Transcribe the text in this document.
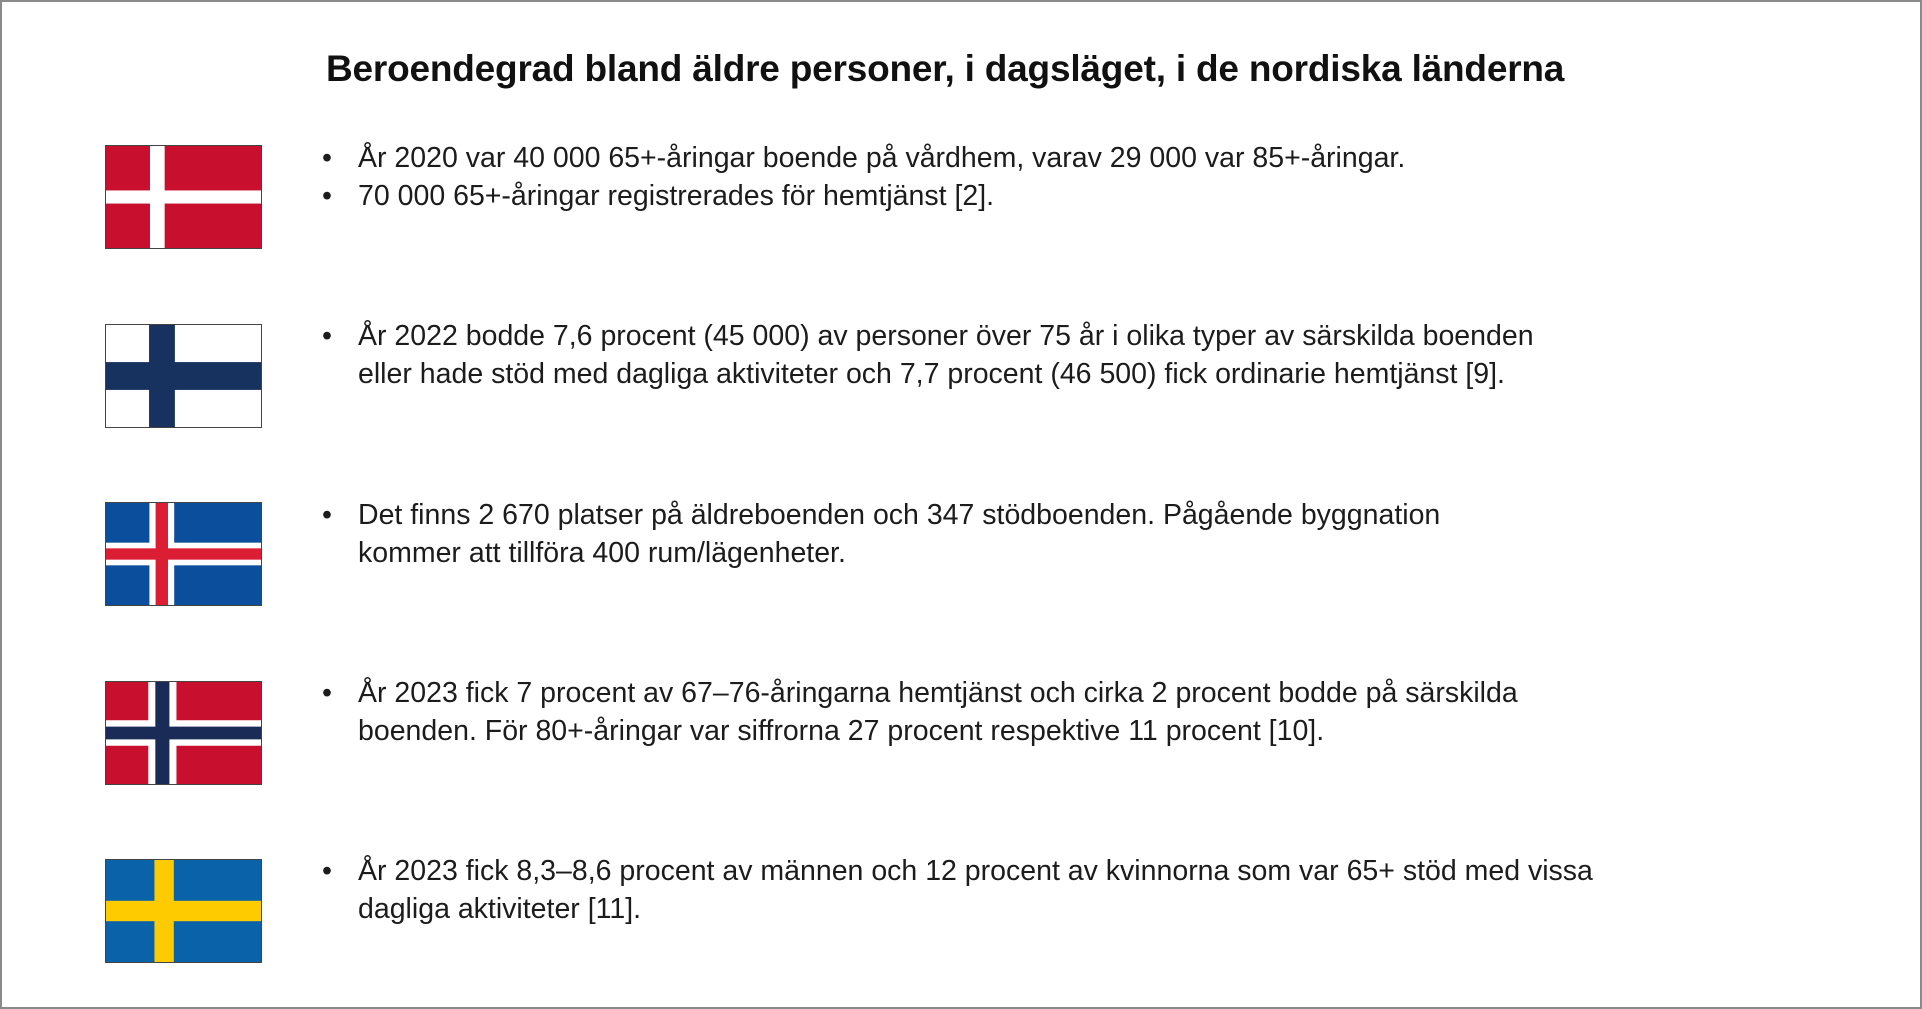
Beroendegrad bland äldre personer, i dagsläget, i de nordiska länderna
• År 2020 var 40 000 65+-åringar boende på vårdhem, varav 29 000 var 85+-åringar.
• 70 000 65+-åringar registrerades för hemtjänst [2].
• År 2022 bodde 7,6 procent (45 000) av personer över 75 år i olika typer av särskilda boenden
eller hade stöd med dagliga aktiviteter och 7,7 procent (46 500) fick ordinarie hemtjänst [9].
• Det finns 2 670 platser på äldreboenden och 347 stödboenden. Pågående byggnation
kommer att tillföra 400 rum/lägenheter.
• År 2023 fick 7 procent av 67–76-åringarna hemtjänst och cirka 2 procent bodde på särskilda
boenden. För 80+-åringar var siffrorna 27 procent respektive 11 procent [10].
• År 2023 fick 8,3–8,6 procent av männen och 12 procent av kvinnorna som var 65+ stöd med vissa
dagliga aktiviteter [11].
